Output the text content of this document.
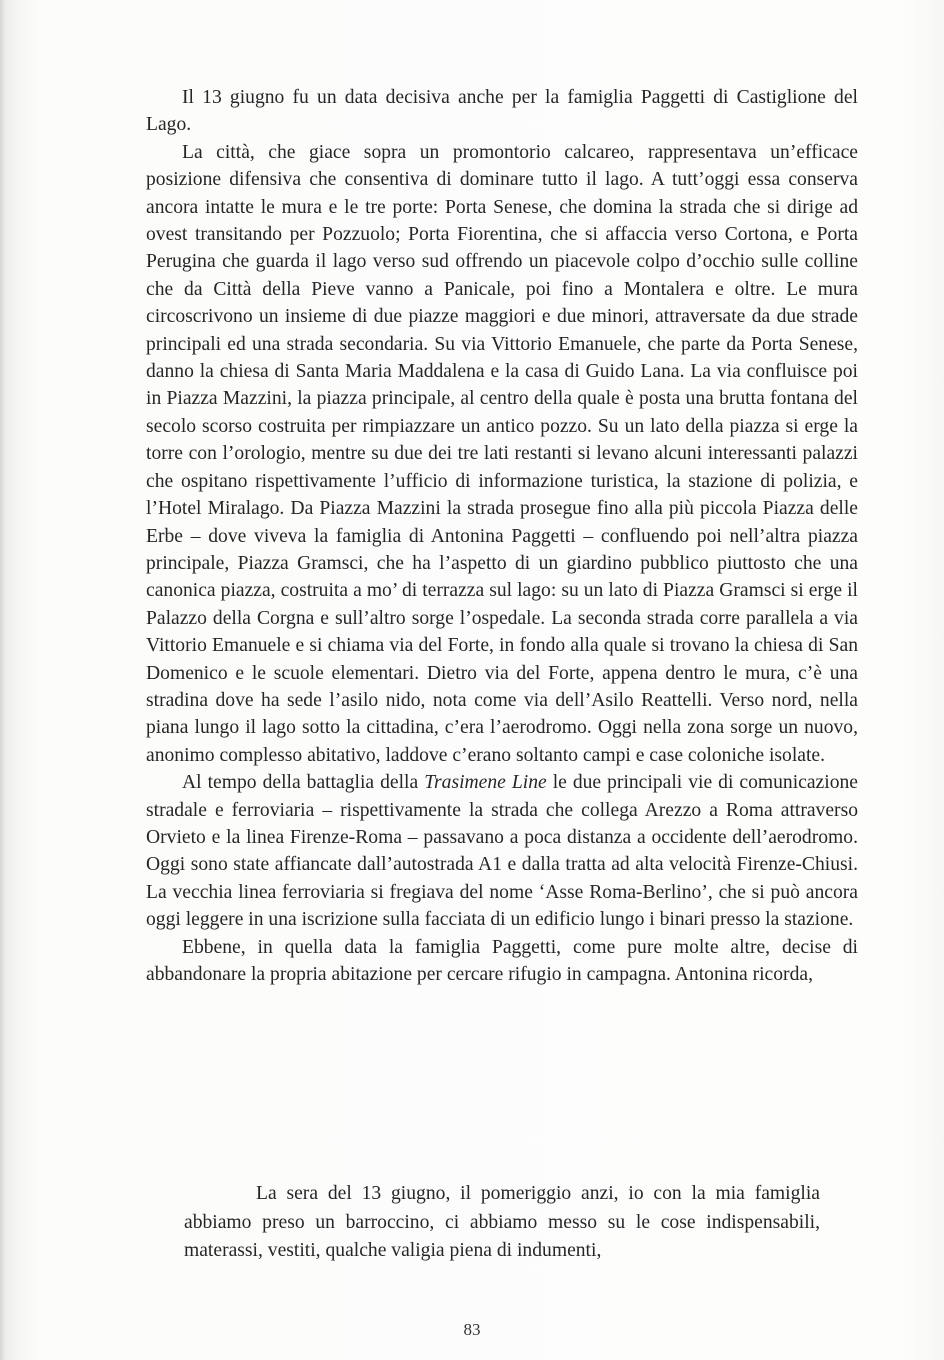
Il 13 giugno fu un data decisiva anche per la famiglia Paggetti di Castiglione del Lago.

La città, che giace sopra un promontorio calcareo, rappresentava un’efficace posizione difensiva che consentiva di dominare tutto il lago. A tutt’oggi essa conserva ancora intatte le mura e le tre porte: Porta Senese, che domina la strada che si dirige ad ovest transitando per Pozzuolo; Porta Fiorentina, che si affaccia verso Cortona, e Porta Perugina che guarda il lago verso sud offrendo un piacevole colpo d’occhio sulle colline che da Città della Pieve vanno a Panicale, poi fino a Montalera e oltre. Le mura circoscrivono un insieme di due piazze maggiori e due minori, attraversate da due strade principali ed una strada secondaria. Su via Vittorio Emanuele, che parte da Porta Senese, danno la chiesa di Santa Maria Maddalena e la casa di Guido Lana. La via confluisce poi in Piazza Mazzini, la piazza principale, al centro della quale è posta una brutta fontana del secolo scorso costruita per rimpiazzare un antico pozzo. Su un lato della piazza si erge la torre con l’orologio, mentre su due dei tre lati restanti si levano alcuni interessanti palazzi che ospitano rispettivamente l’ufficio di informazione turistica, la stazione di polizia, e l’Hotel Miralago. Da Piazza Mazzini la strada prosegue fino alla più piccola Piazza delle Erbe – dove viveva la famiglia di Antonina Paggetti – confluendo poi nell’altra piazza principale, Piazza Gramsci, che ha l’aspetto di un giardino pubblico piuttosto che una canonica piazza, costruita a mo’ di terrazza sul lago: su un lato di Piazza Gramsci si erge il Palazzo della Corgna e sull’altro sorge l’ospedale. La seconda strada corre parallela a via Vittorio Emanuele e si chiama via del Forte, in fondo alla quale si trovano la chiesa di San Domenico e le scuole elementari. Dietro via del Forte, appena dentro le mura, c’è una stradina dove ha sede l’asilo nido, nota come via dell’Asilo Reattelli. Verso nord, nella piana lungo il lago sotto la cittadina, c’era l’aerodromo. Oggi nella zona sorge un nuovo, anonimo complesso abitativo, laddove c’erano soltanto campi e case coloniche isolate.

Al tempo della battaglia della Trasimene Line le due principali vie di comunicazione stradale e ferroviaria – rispettivamente la strada che collega Arezzo a Roma attraverso Orvieto e la linea Firenze-Roma – passavano a poca distanza a occidente dell’aerodromo. Oggi sono state affiancate dall’autostrada A1 e dalla tratta ad alta velocità Firenze-Chiusi. La vecchia linea ferroviaria si fregiava del nome ‘Asse Roma-Berlino’, che si può ancora oggi leggere in una iscrizione sulla facciata di un edificio lungo i binari presso la stazione.

Ebbene, in quella data la famiglia Paggetti, come pure molte altre, decise di abbandonare la propria abitazione per cercare rifugio in campagna. Antonina ricorda,

La sera del 13 giugno, il pomeriggio anzi, io con la mia famiglia abbiamo preso un barroccino, ci abbiamo messo su le cose indispensabili, materassi, vestiti, qualche valigia piena di indumenti,

83
